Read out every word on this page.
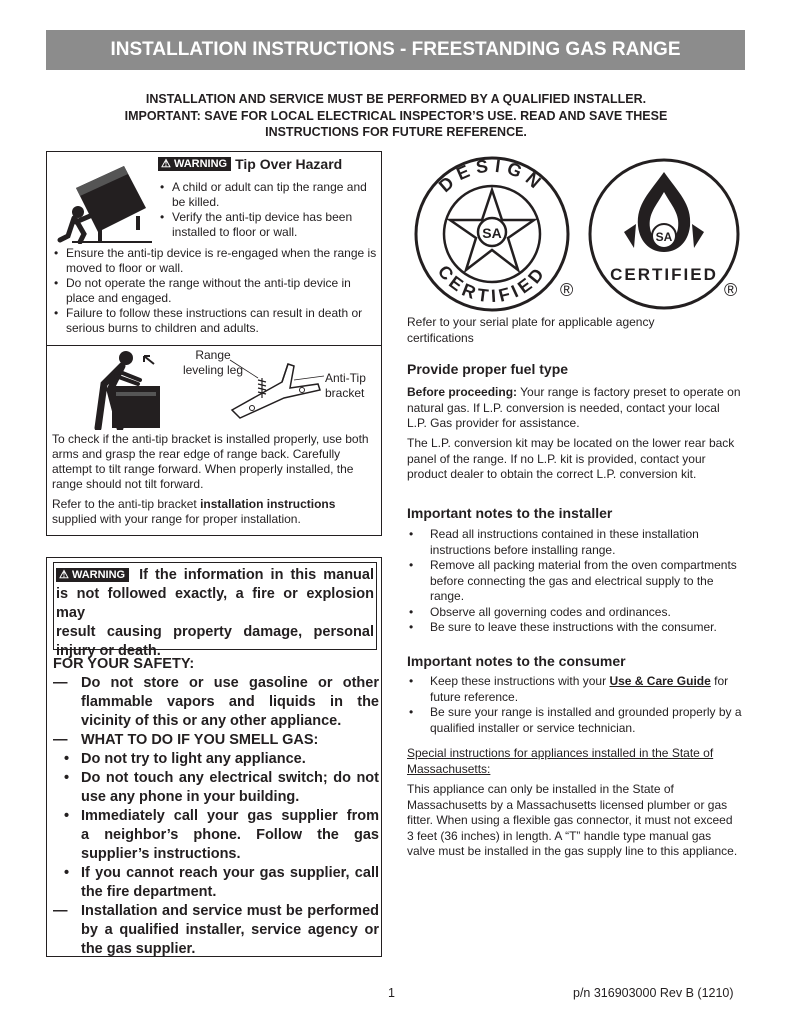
INSTALLATION INSTRUCTIONS - FREESTANDING GAS RANGE
INSTALLATION AND SERVICE MUST BE PERFORMED BY A QUALIFIED INSTALLER.
IMPORTANT: SAVE FOR LOCAL ELECTRICAL INSPECTOR’S USE. READ AND SAVE THESE
INSTRUCTIONS FOR FUTURE REFERENCE.
⚠ WARNING Tip Over Hazard
• A child or adult can tip the range and be killed.
• Verify the anti-tip device has been installed to floor or wall.
• Ensure the anti-tip device is re-engaged when the range is moved to floor or wall.
• Do not operate the range without the anti-tip device in place and engaged.
• Failure to follow these instructions can result in death or serious burns to children and adults.
Range leveling leg
Anti-Tip bracket

To check if the anti-tip bracket is installed properly, use both arms and grasp the rear edge of range back. Carefully attempt to tilt range forward. When properly installed, the range should not tilt forward.

Refer to the anti-tip bracket installation instructions supplied with your range for proper installation.

⚠ WARNING If the information in this manual
is not followed exactly, a fire or explosion may
result causing property damage, personal
injury or death.
FOR YOUR SAFETY:
— Do not store or use gasoline or other
flammable vapors and liquids in the
vicinity of this or any other appliance.
— WHAT TO DO IF YOU SMELL GAS:
• Do not try to light any appliance.
• Do not touch any electrical switch; do not
use any phone in your building.
• Immediately call your gas supplier from
a neighbor’s phone. Follow the gas
supplier’s instructions.
• If you cannot reach your gas supplier, call
the fire department.
— Installation and service must be performed
by a qualified installer, service agency or
the gas supplier.
SA
DESIGN
CERTIFIED
®
SA
CERTIFIED
®
Refer to your serial plate for applicable agency certifications
Provide proper fuel type
Before proceeding: Your range is factory preset to operate on natural gas. If L.P. conversion is needed, contact your local L.P. Gas provider for assistance.
The L.P. conversion kit may be located on the lower rear back panel of the range. If no L.P. kit is provided, contact your product dealer to obtain the correct L.P. conversion kit.
Important notes to the installer
• Read all instructions contained in these installation instructions before installing range.
• Remove all packing material from the oven compartments before connecting the gas and electrical supply to the range.
• Observe all governing codes and ordinances.
• Be sure to leave these instructions with the consumer.
Important notes to the consumer
• Keep these instructions with your Use & Care Guide for future reference.
• Be sure your range is installed and grounded properly by a qualified installer or service technician.
Special instructions for appliances installed in the State of Massachusetts:
This appliance can only be installed in the State of Massachusetts by a Massachusetts licensed plumber or gas fitter. When using a flexible gas connector, it must not exceed 3 feet (36 inches) in length. A “T” handle type manual gas valve must be installed in the gas supply line to this appliance.
1	p/n 316903000 Rev B (1210)
